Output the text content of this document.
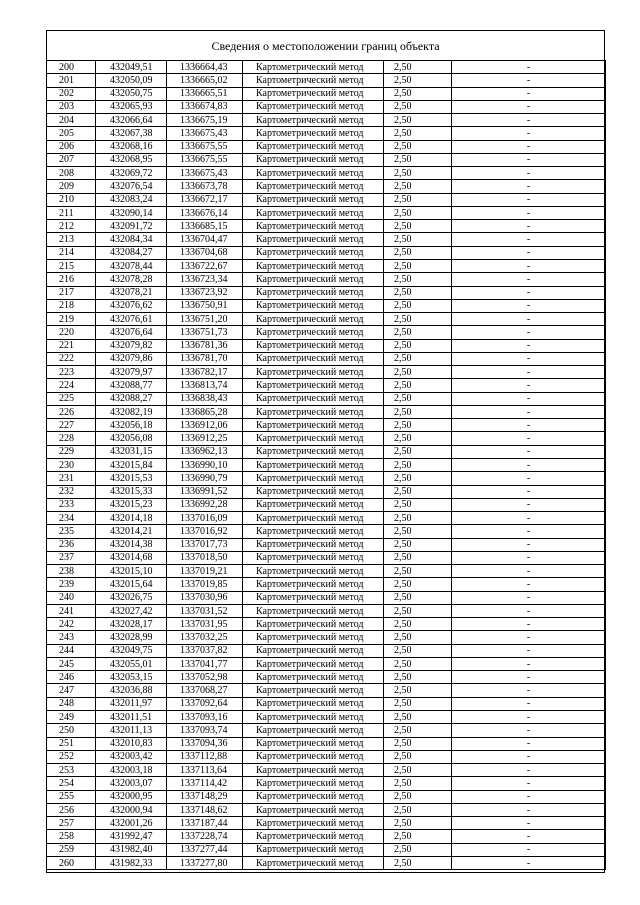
Сведения о местоположении границ объекта
200	432049,51	1336664,43	Картометрический метод	2,50	-
201	432050,09	1336665,02	Картометрический метод	2,50	-
202	432050,75	1336665,51	Картометрический метод	2,50	-
203	432065,93	1336674,83	Картометрический метод	2,50	-
204	432066,64	1336675,19	Картометрический метод	2,50	-
205	432067,38	1336675,43	Картометрический метод	2,50	-
206	432068,16	1336675,55	Картометрический метод	2,50	-
207	432068,95	1336675,55	Картометрический метод	2,50	-
208	432069,72	1336675,43	Картометрический метод	2,50	-
209	432076,54	1336673,78	Картометрический метод	2,50	-
210	432083,24	1336672,17	Картометрический метод	2,50	-
211	432090,14	1336676,14	Картометрический метод	2,50	-
212	432091,72	1336685,15	Картометрический метод	2,50	-
213	432084,34	1336704,47	Картометрический метод	2,50	-
214	432084,27	1336704,68	Картометрический метод	2,50	-
215	432078,44	1336722,67	Картометрический метод	2,50	-
216	432078,28	1336723,34	Картометрический метод	2,50	-
217	432078,21	1336723,92	Картометрический метод	2,50	-
218	432076,62	1336750,91	Картометрический метод	2,50	-
219	432076,61	1336751,20	Картометрический метод	2,50	-
220	432076,64	1336751,73	Картометрический метод	2,50	-
221	432079,82	1336781,36	Картометрический метод	2,50	-
222	432079,86	1336781,70	Картометрический метод	2,50	-
223	432079,97	1336782,17	Картометрический метод	2,50	-
224	432088,77	1336813,74	Картометрический метод	2,50	-
225	432088,27	1336838,43	Картометрический метод	2,50	-
226	432082,19	1336865,28	Картометрический метод	2,50	-
227	432056,18	1336912,06	Картометрический метод	2,50	-
228	432056,08	1336912,25	Картометрический метод	2,50	-
229	432031,15	1336962,13	Картометрический метод	2,50	-
230	432015,84	1336990,10	Картометрический метод	2,50	-
231	432015,53	1336990,79	Картометрический метод	2,50	-
232	432015,33	1336991,52	Картометрический метод	2,50	-
233	432015,23	1336992,28	Картометрический метод	2,50	-
234	432014,18	1337016,09	Картометрический метод	2,50	-
235	432014,21	1337016,92	Картометрический метод	2,50	-
236	432014,38	1337017,73	Картометрический метод	2,50	-
237	432014,68	1337018,50	Картометрический метод	2,50	-
238	432015,10	1337019,21	Картометрический метод	2,50	-
239	432015,64	1337019,85	Картометрический метод	2,50	-
240	432026,75	1337030,96	Картометрический метод	2,50	-
241	432027,42	1337031,52	Картометрический метод	2,50	-
242	432028,17	1337031,95	Картометрический метод	2,50	-
243	432028,99	1337032,25	Картометрический метод	2,50	-
244	432049,75	1337037,82	Картометрический метод	2,50	-
245	432055,01	1337041,77	Картометрический метод	2,50	-
246	432053,15	1337052,98	Картометрический метод	2,50	-
247	432036,88	1337068,27	Картометрический метод	2,50	-
248	432011,97	1337092,64	Картометрический метод	2,50	-
249	432011,51	1337093,16	Картометрический метод	2,50	-
250	432011,13	1337093,74	Картометрический метод	2,50	-
251	432010,83	1337094,36	Картометрический метод	2,50	-
252	432003,42	1337112,88	Картометрический метод	2,50	-
253	432003,18	1337113,64	Картометрический метод	2,50	-
254	432003,07	1337114,42	Картометрический метод	2,50	-
255	432000,95	1337148,29	Картометрический метод	2,50	-
256	432000,94	1337148,62	Картометрический метод	2,50	-
257	432001,26	1337187,44	Картометрический метод	2,50	-
258	431992,47	1337228,74	Картометрический метод	2,50	-
259	431982,40	1337277,44	Картометрический метод	2,50	-
260	431982,33	1337277,80	Картометрический метод	2,50	-
